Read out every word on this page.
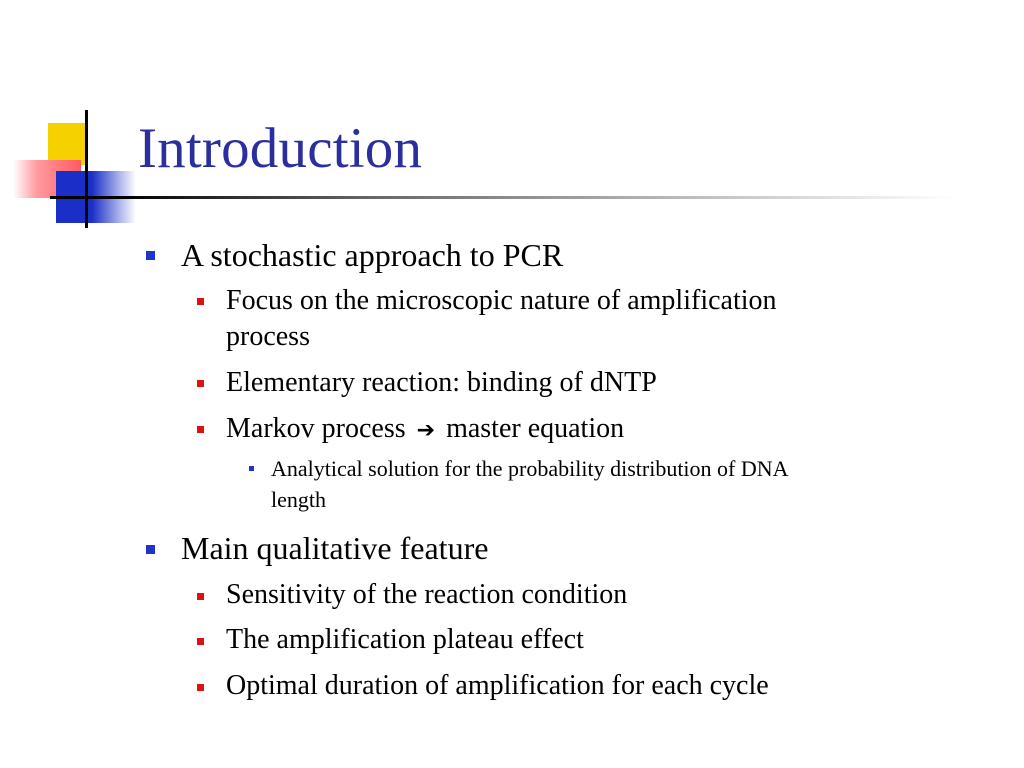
Introduction
A stochastic approach to PCR
Focus on the microscopic nature of amplification
process
Elementary reaction: binding of dNTP
Markov process ➔ master equation
Analytical solution for the probability distribution of DNA
length
Main qualitative feature
Sensitivity of the reaction condition
The amplification plateau effect
Optimal duration of amplification for each cycle
